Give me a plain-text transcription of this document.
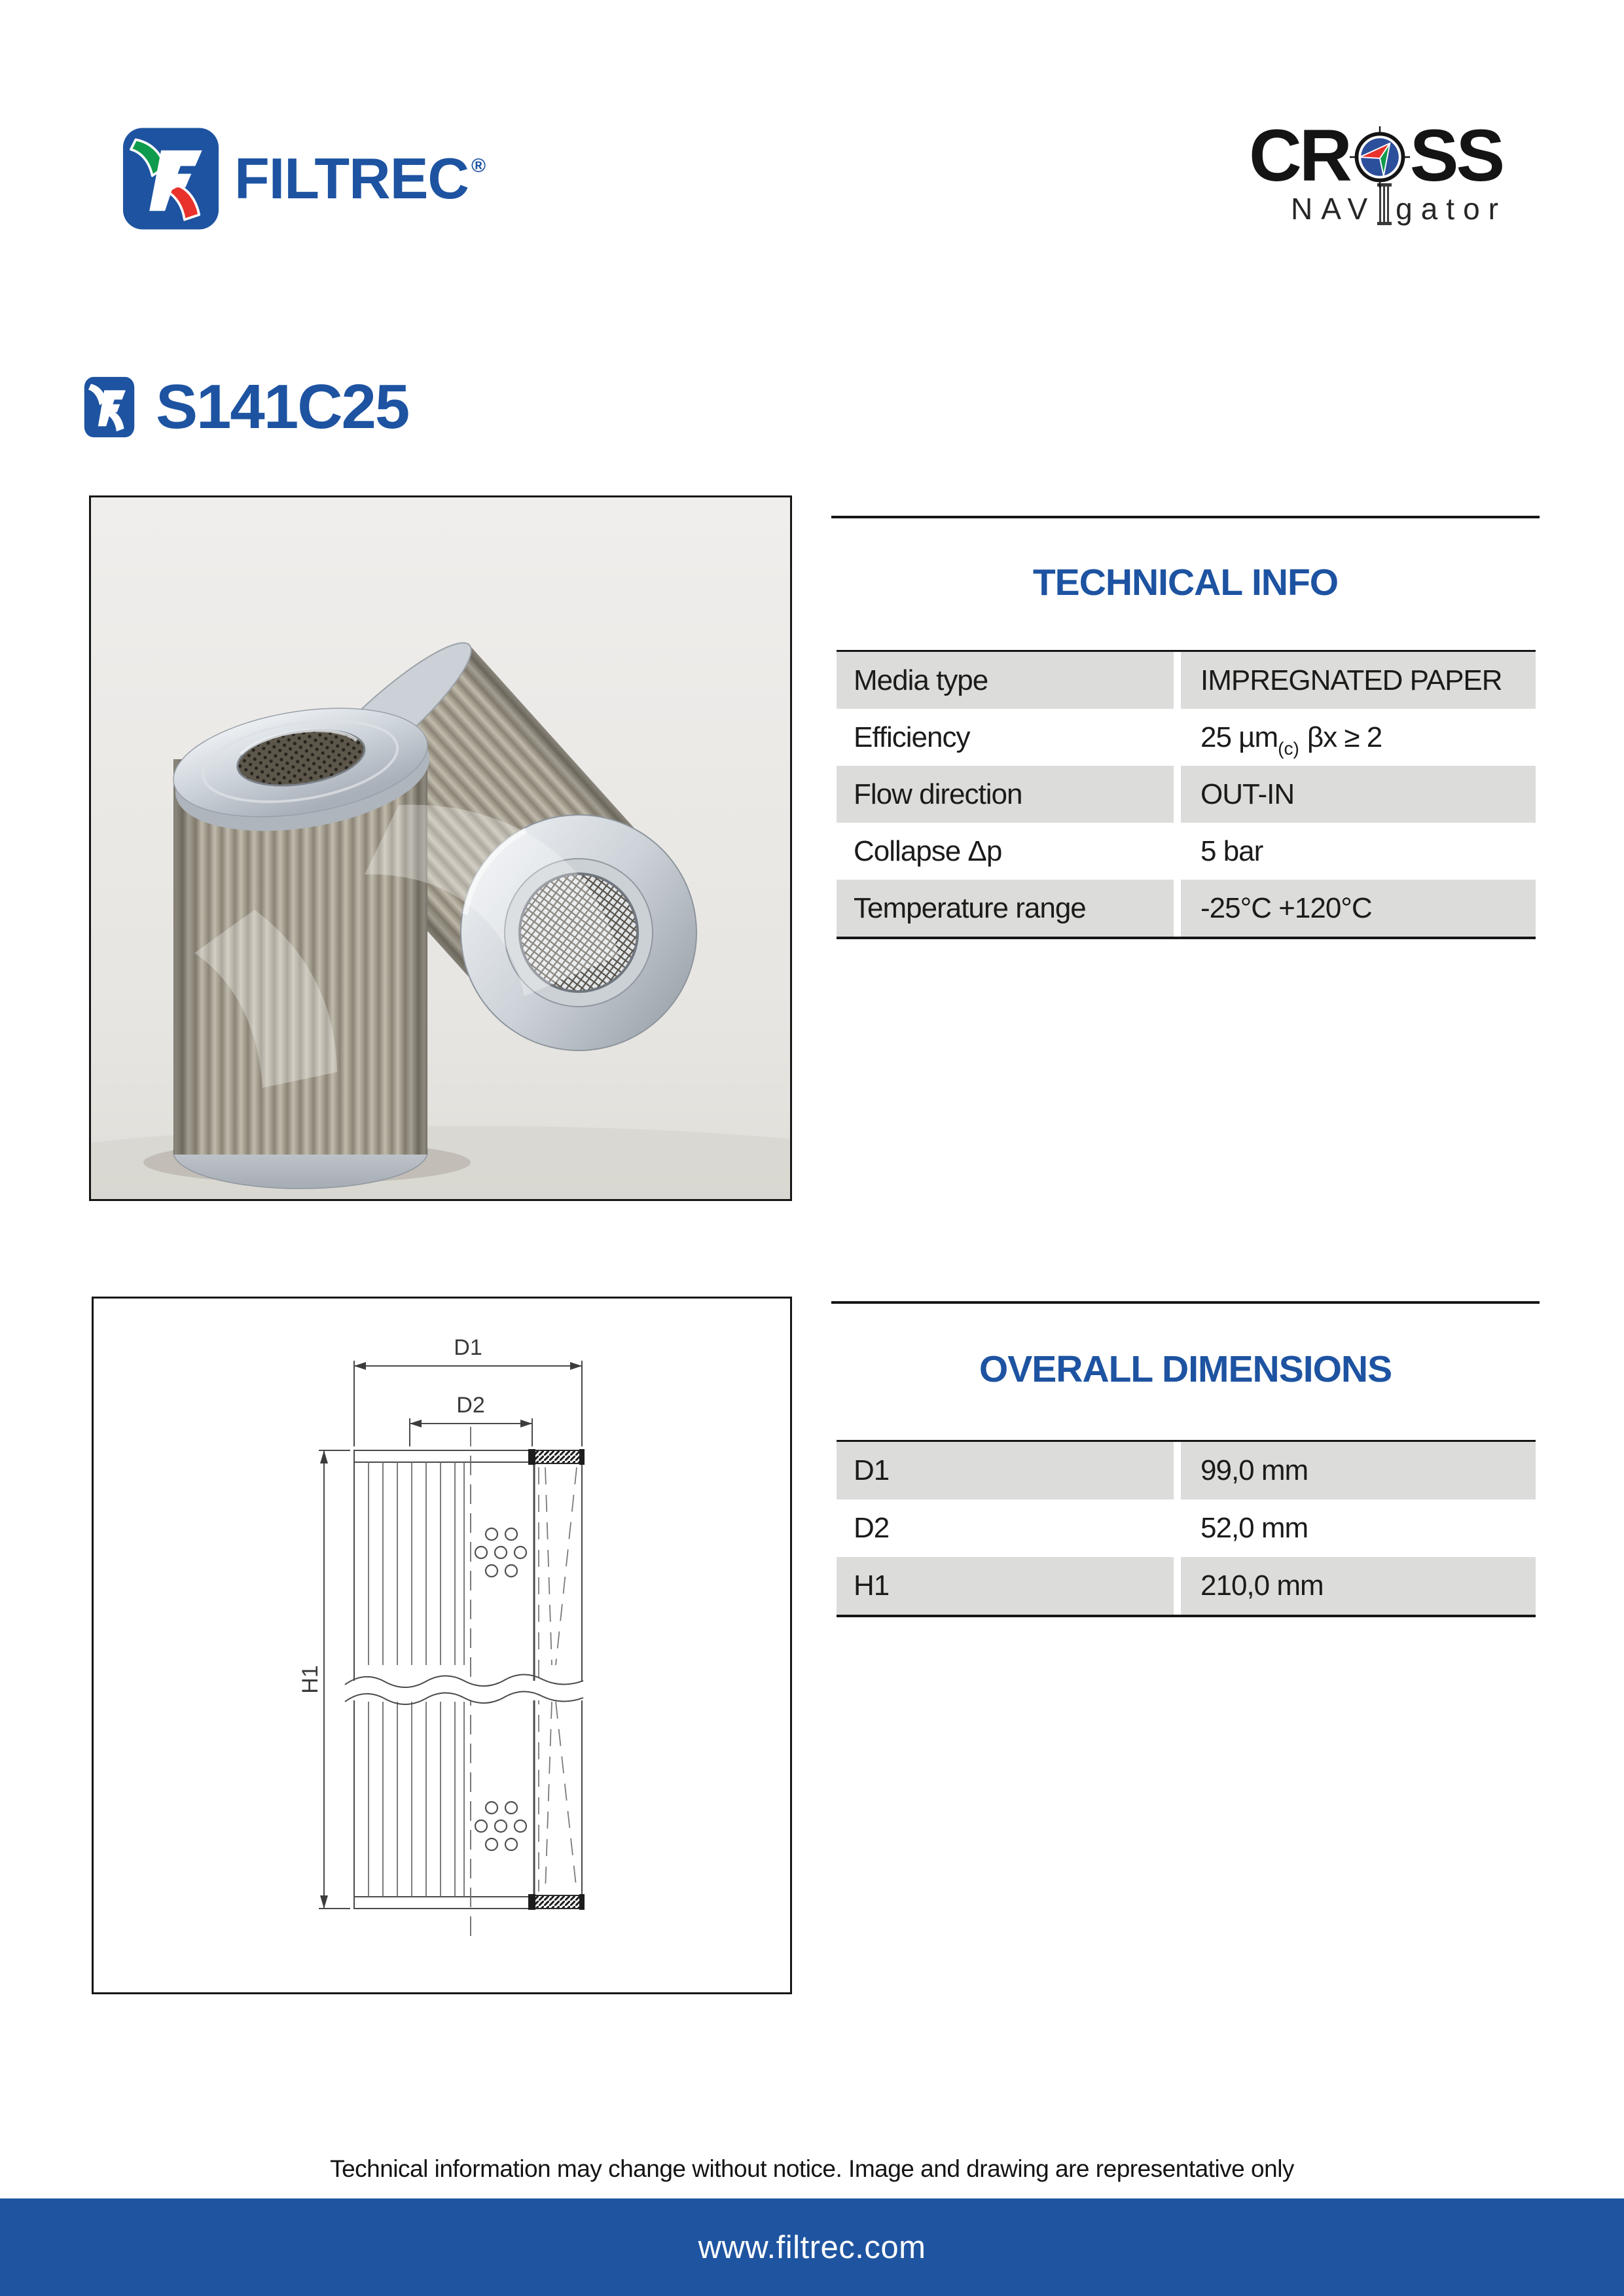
FILTREC ®	CR SS
NAV gator
S141C25
TECHNICAL INFO
Media type	IMPREGNATED PAPER
Efficiency	25 µm (c) βx ≥ 2
Flow direction	OUT-IN
Collapse Δp	5 bar
Temperature range	-25°C +120°C
D1
D2
H1
OVERALL DIMENSIONS
D1	99,0 mm
D2	52,0 mm
H1	210,0 mm
Technical information may change without notice. Image and drawing are representative only
www.filtrec.com
